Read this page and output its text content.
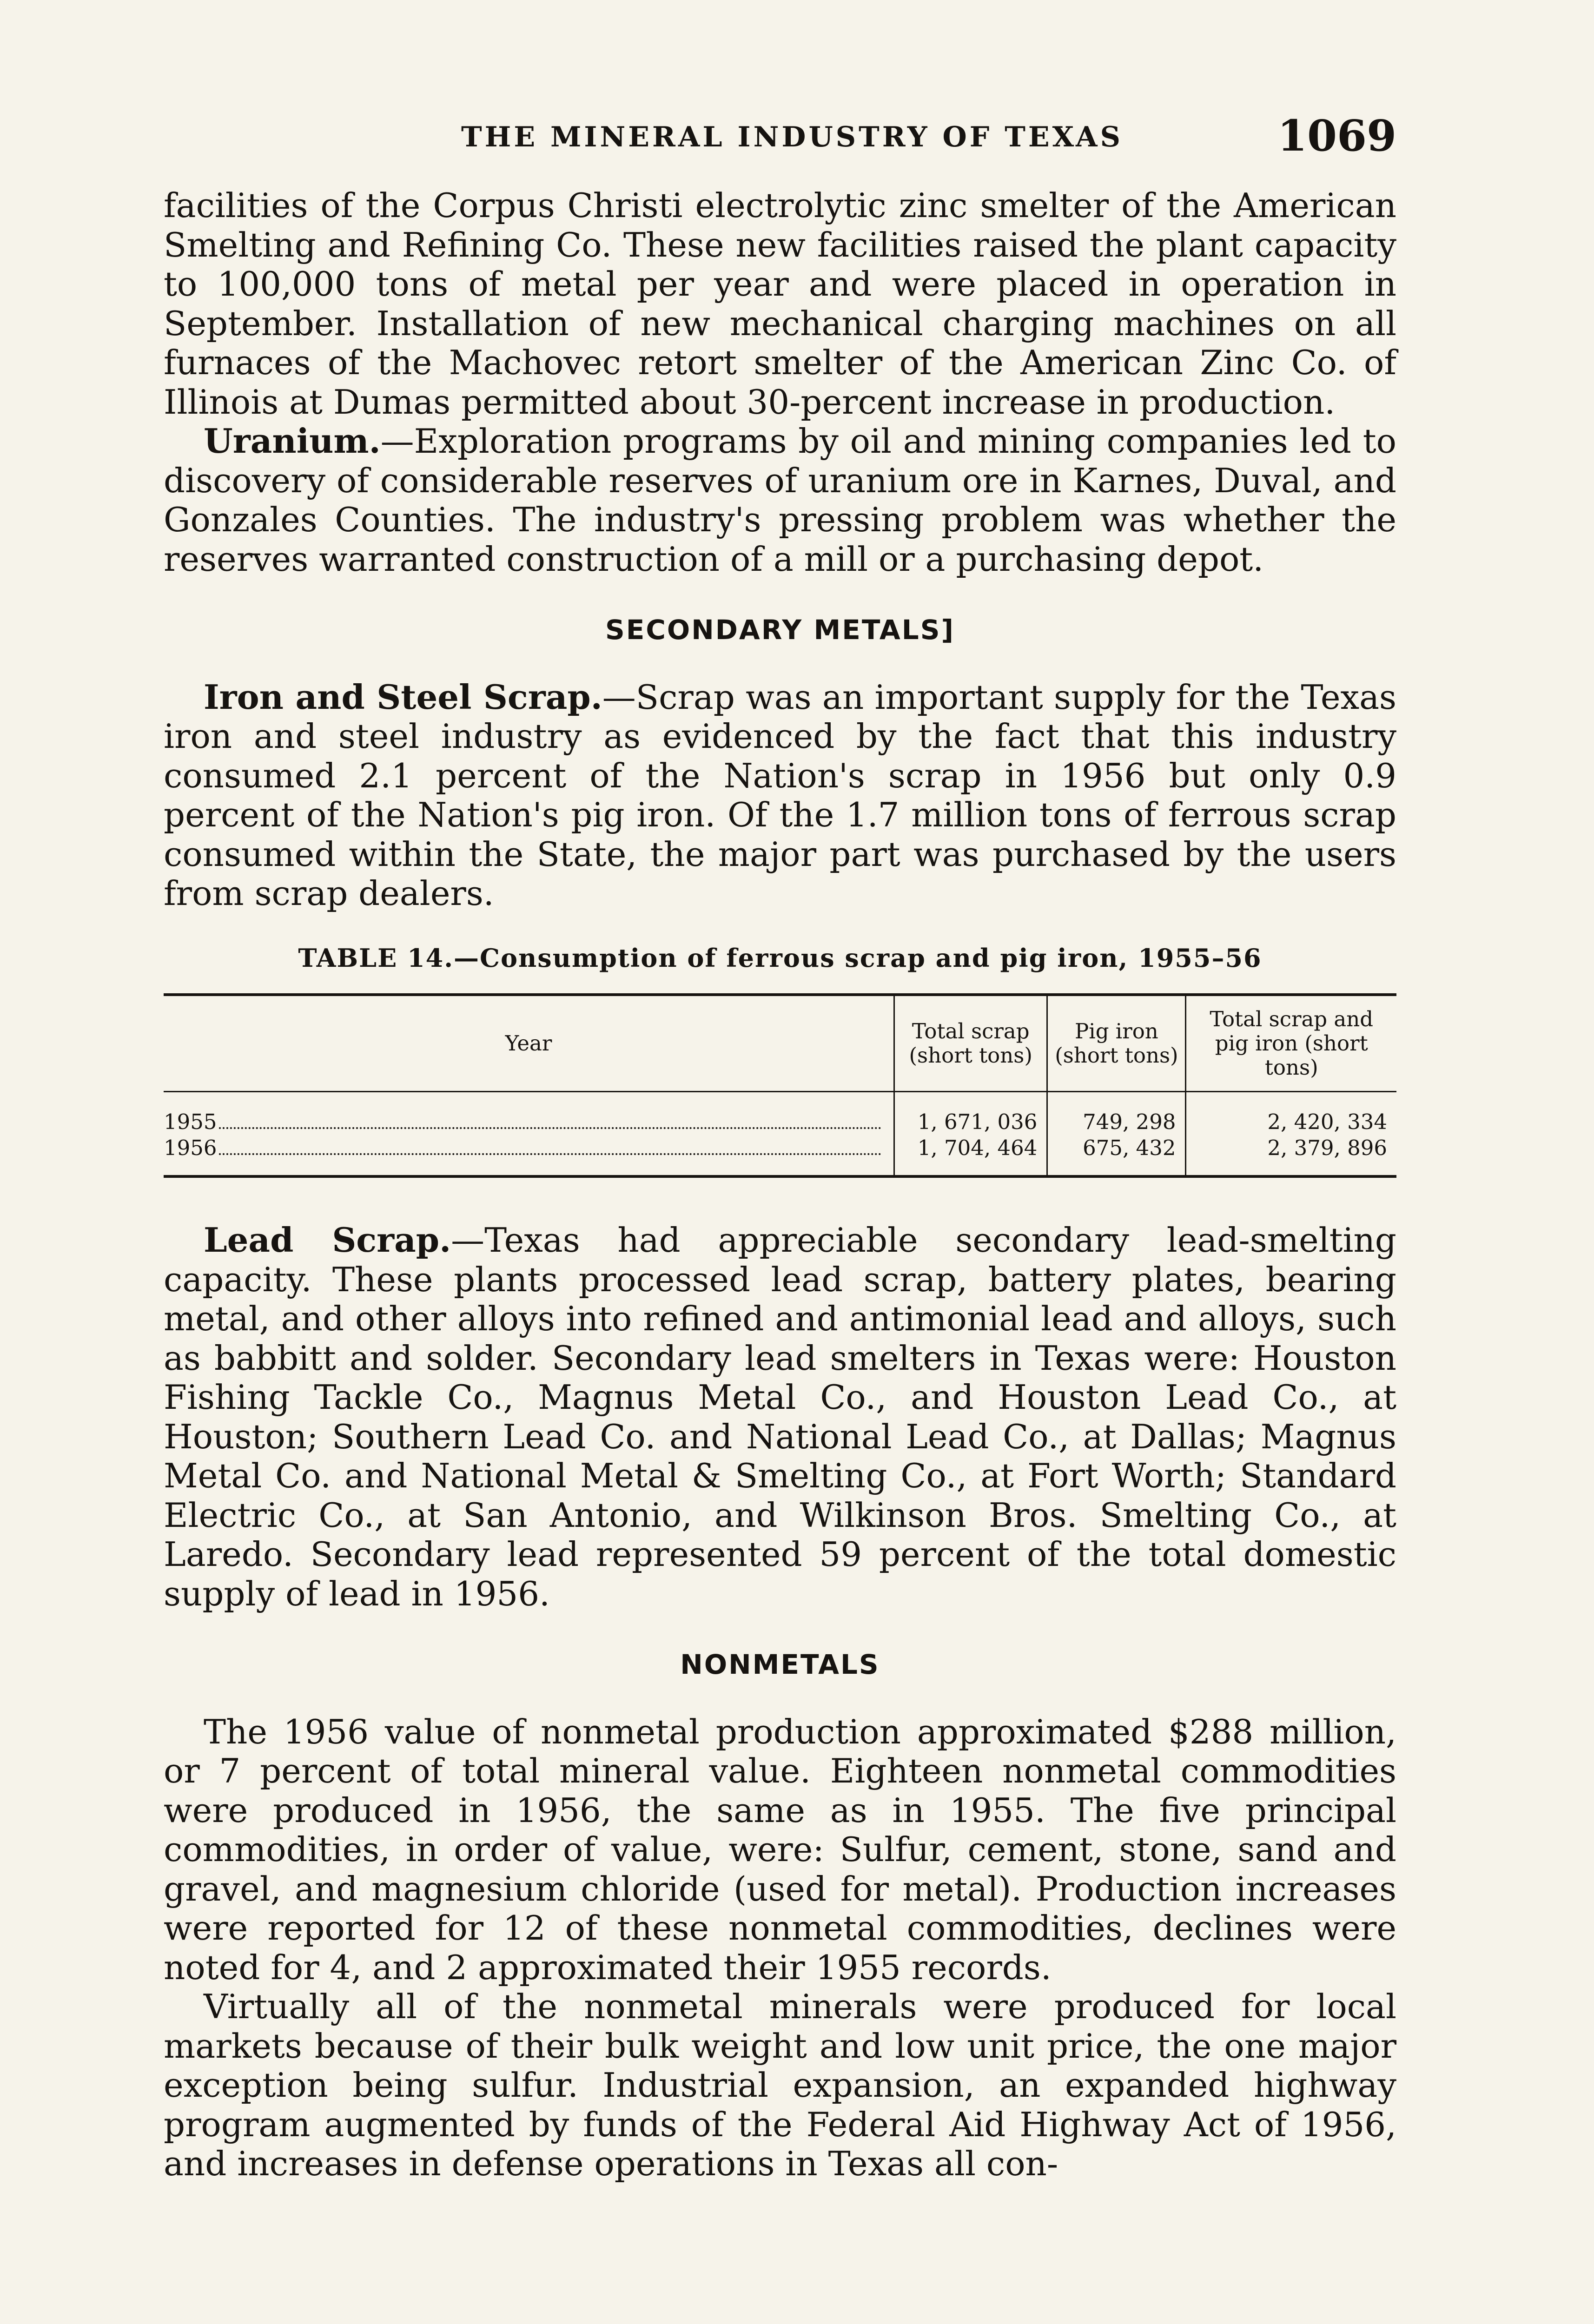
THE MINERAL INDUSTRY OF TEXAS	1069

facilities of the Corpus Christi electrolytic zinc smelter of the American Smelting and Refining Co. These new facilities raised the plant capacity to 100,000 tons of metal per year and were placed in operation in September. Installation of new mechanical charging machines on all furnaces of the Machovec retort smelter of the American Zinc Co. of Illinois at Dumas permitted about 30-percent increase in production.

Uranium.—Exploration programs by oil and mining companies led to discovery of considerable reserves of uranium ore in Karnes, Duval, and Gonzales Counties. The industry's pressing problem was whether the reserves warranted construction of a mill or a purchasing depot.

SECONDARY METALS]

Iron and Steel Scrap.—Scrap was an important supply for the Texas iron and steel industry as evidenced by the fact that this industry consumed 2.1 percent of the Nation's scrap in 1956 but only 0.9 percent of the Nation's pig iron. Of the 1.7 million tons of ferrous scrap consumed within the State, the major part was purchased by the users from scrap dealers.

TABLE 14.—Consumption of ferrous scrap and pig iron, 1955–56
Year	Total scrap (short tons)	Pig iron (short tons)	Total scrap and pig iron (short tons)

1955	1, 671, 036	749, 298	2, 420, 334

1956	1, 704, 464	675, 432	2, 379, 896

Lead Scrap.—Texas had appreciable secondary lead-smelting capacity. These plants processed lead scrap, battery plates, bearing metal, and other alloys into refined and antimonial lead and alloys, such as babbitt and solder. Secondary lead smelters in Texas were: Houston Fishing Tackle Co., Magnus Metal Co., and Houston Lead Co., at Houston; Southern Lead Co. and National Lead Co., at Dallas; Magnus Metal Co. and National Metal & Smelting Co., at Fort Worth; Standard Electric Co., at San Antonio, and Wilkinson Bros. Smelting Co., at Laredo. Secondary lead represented 59 percent of the total domestic supply of lead in 1956.

NONMETALS

The 1956 value of nonmetal production approximated $288 million, or 7 percent of total mineral value. Eighteen nonmetal commodities were produced in 1956, the same as in 1955. The five principal commodities, in order of value, were: Sulfur, cement, stone, sand and gravel, and magnesium chloride (used for metal). Production increases were reported for 12 of these nonmetal commodities, declines were noted for 4, and 2 approximated their 1955 records.

Virtually all of the nonmetal minerals were produced for local markets because of their bulk weight and low unit price, the one major exception being sulfur. Industrial expansion, an expanded highway program augmented by funds of the Federal Aid Highway Act of 1956, and increases in defense operations in Texas all con-
